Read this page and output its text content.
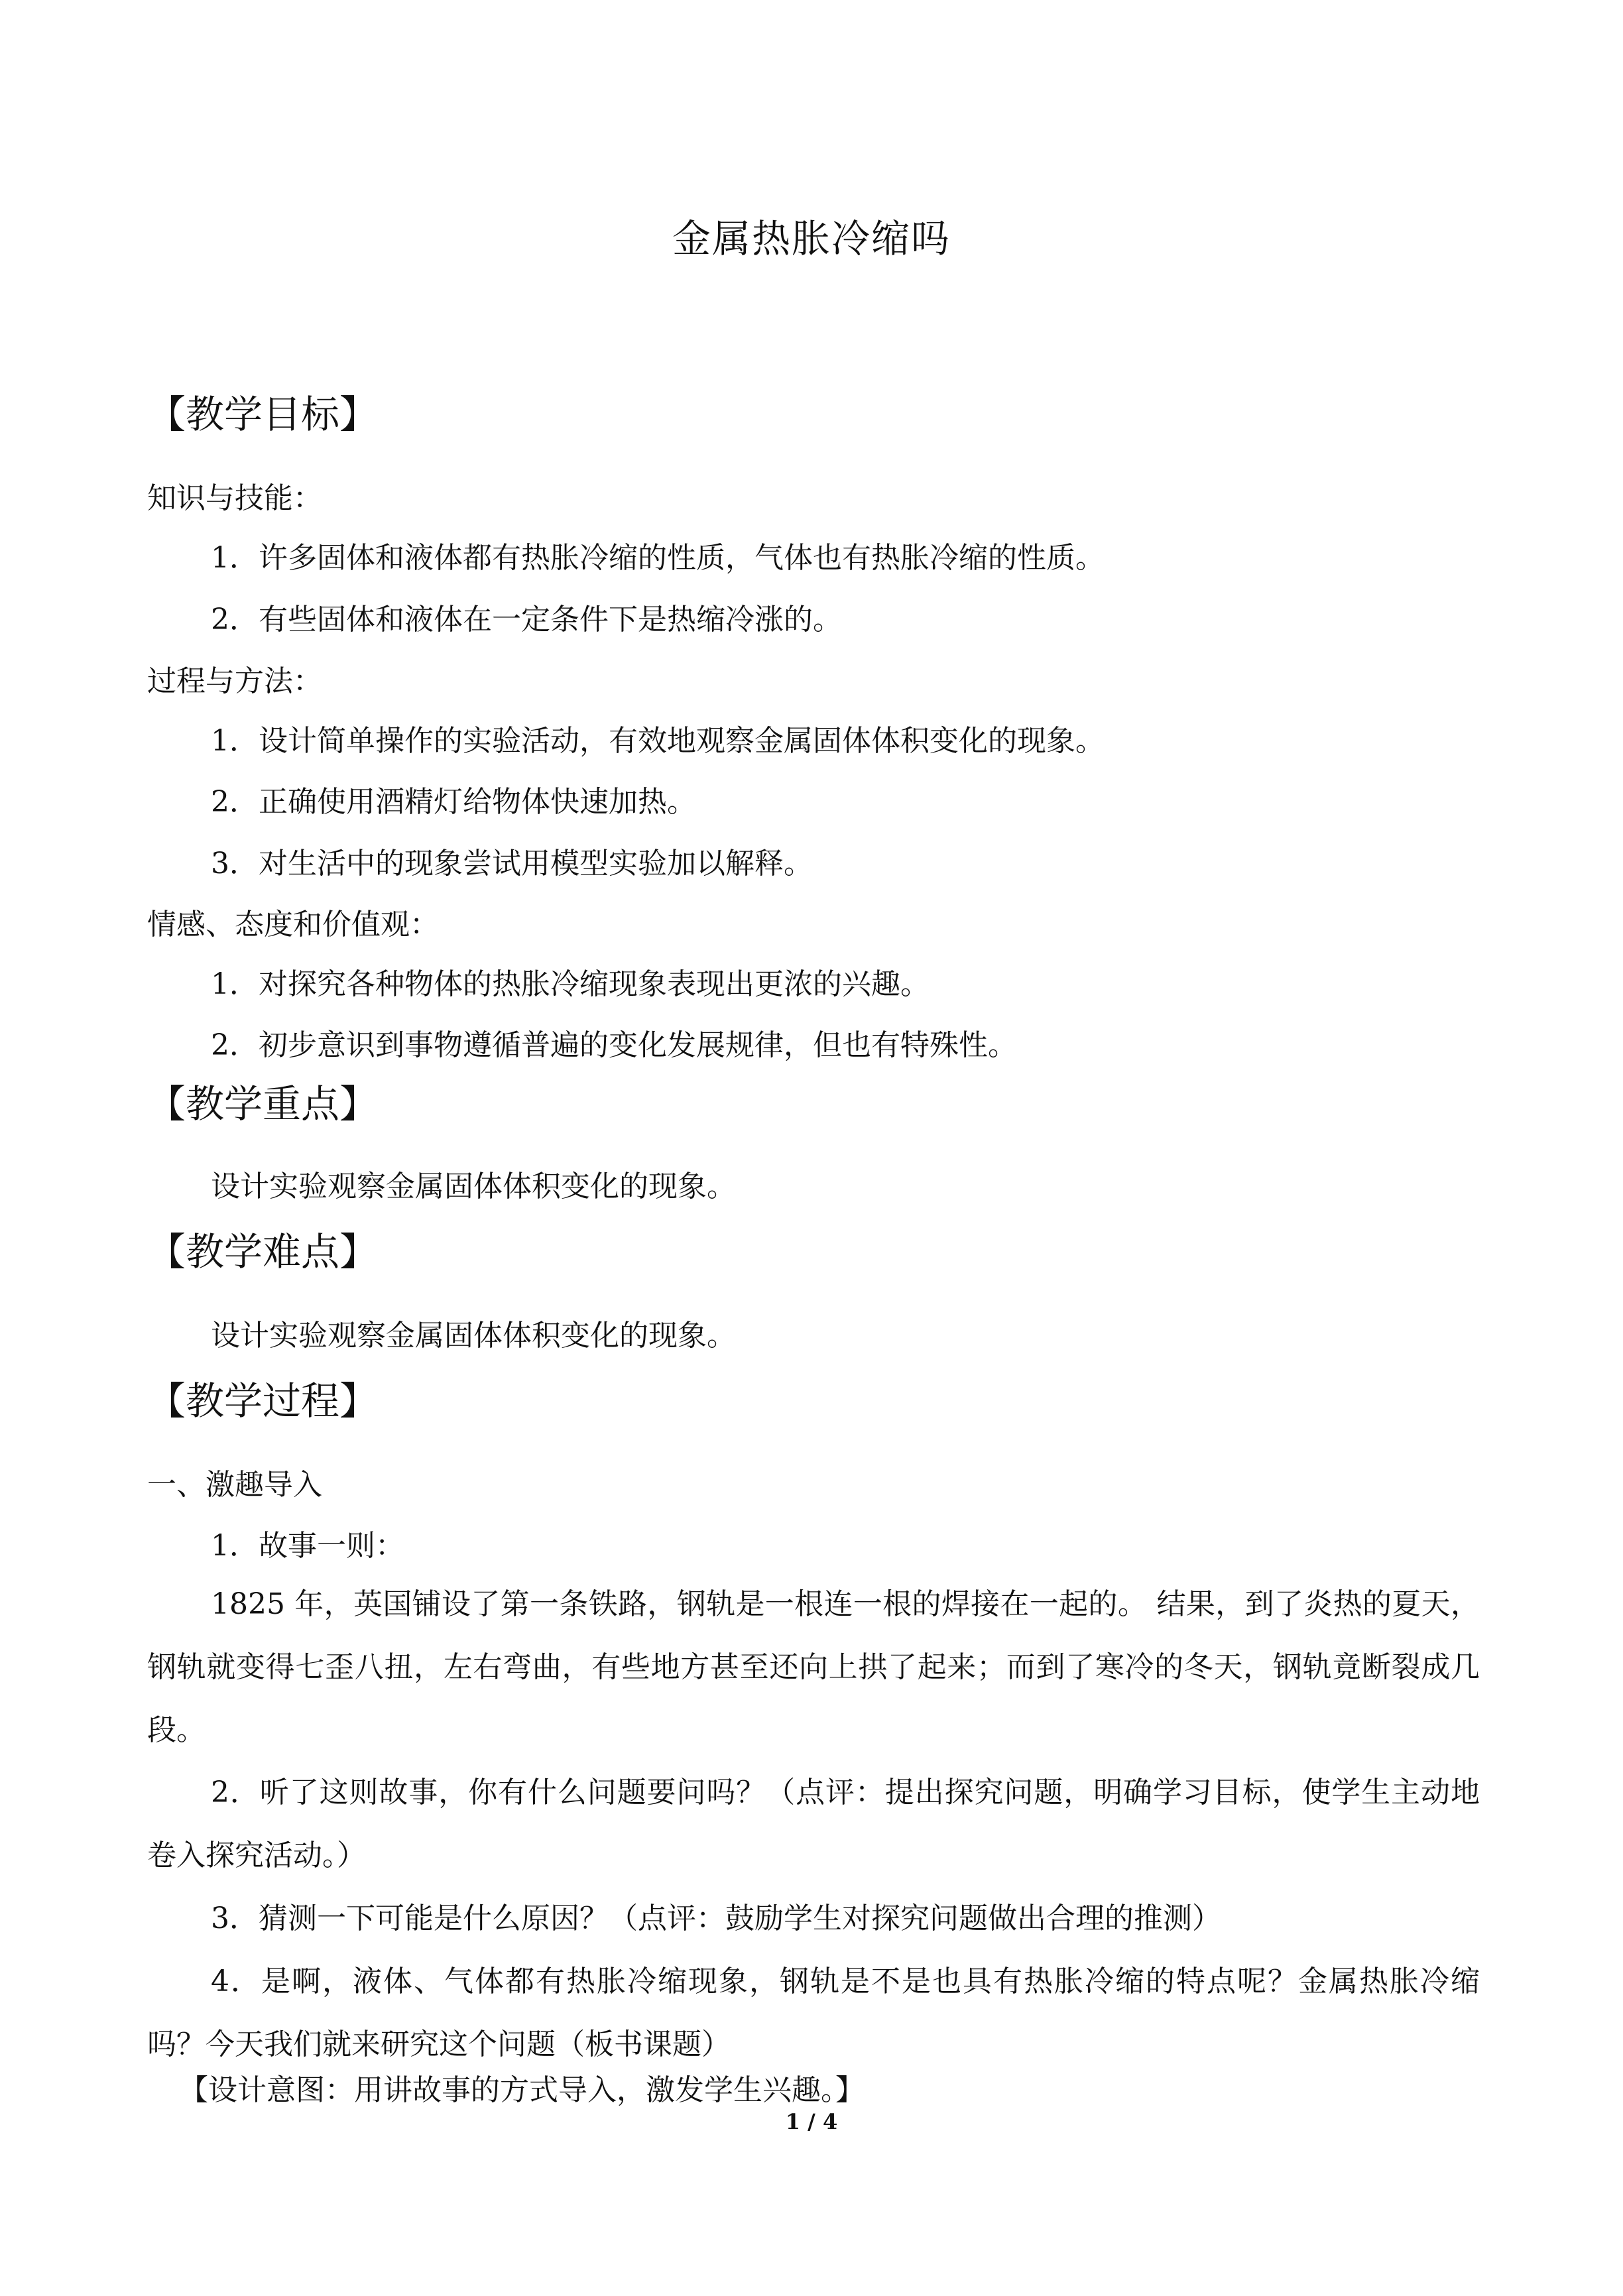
金属热胀冷缩吗
【教学目标】
知识与技能：
1．许多固体和液体都有热胀冷缩的性质，气体也有热胀冷缩的性质。
2．有些固体和液体在一定条件下是热缩冷涨的。
过程与方法：
1．设计简单操作的实验活动，有效地观察金属固体体积变化的现象。
2．正确使用酒精灯给物体快速加热。
3．对生活中的现象尝试用模型实验加以解释。
情感、态度和价值观：
1．对探究各种物体的热胀冷缩现象表现出更浓的兴趣。
2．初步意识到事物遵循普遍的变化发展规律，但也有特殊性。
【教学重点】
设计实验观察金属固体体积变化的现象。
【教学难点】
设计实验观察金属固体体积变化的现象。
【教学过程】
一、激趣导入
1．故事一则：

1825 年，英国铺设了第一条铁路，钢轨是一根连一根的焊接在一起的。 结果，到了炎热的夏天，钢轨就变得七歪八扭，左右弯曲，有些地方甚至还向上拱了起来；而到了寒冷的冬天，钢轨竟断裂成几段。

2．听了这则故事，你有什么问题要问吗？（点评：提出探究问题，明确学习目标，使学生主动地卷入探究活动。）

3．猜测一下可能是什么原因？（点评：鼓励学生对探究问题做出合理的推测）

4．是啊，液体、气体都有热胀冷缩现象，钢轨是不是也具有热胀冷缩的特点呢？金属热胀冷缩吗？今天我们就来研究这个问题（板书课题）

【设计意图：用讲故事的方式导入，激发学生兴趣。】
1 / 4
